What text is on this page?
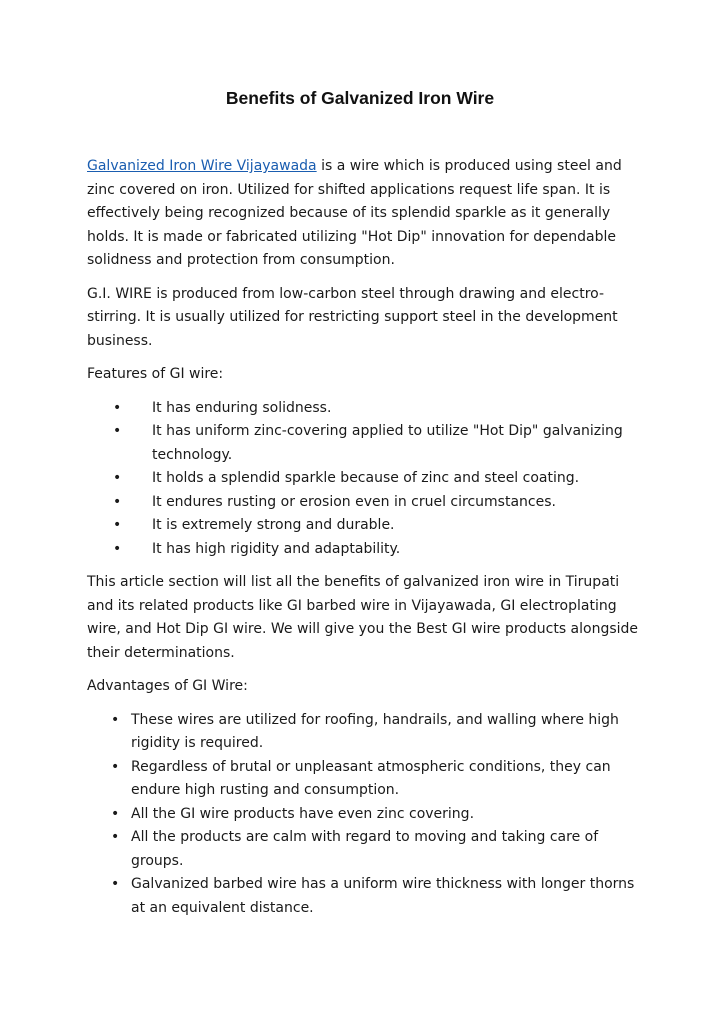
Benefits of Galvanized Iron Wire

Galvanized Iron Wire Vijayawada is a wire which is produced using steel and zinc covered on iron. Utilized for shifted applications request life span. It is effectively being recognized because of its splendid sparkle as it generally holds. It is made or fabricated utilizing "Hot Dip" innovation for dependable solidness and protection from consumption.

G.I. WIRE is produced from low-carbon steel through drawing and electro-stirring. It is usually utilized for restricting support steel in the development business.

Features of GI wire:

• It has enduring solidness.
• It has uniform zinc-covering applied to utilize "Hot Dip" galvanizing technology.
• It holds a splendid sparkle because of zinc and steel coating.
• It endures rusting or erosion even in cruel circumstances.
• It is extremely strong and durable.
• It has high rigidity and adaptability.

This article section will list all the benefits of galvanized iron wire in Tirupati and its related products like GI barbed wire in Vijayawada, GI electroplating wire, and Hot Dip GI wire. We will give you the Best GI wire products alongside their determinations.

Advantages of GI Wire:

• These wires are utilized for roofing, handrails, and walling where high rigidity is required.
• Regardless of brutal or unpleasant atmospheric conditions, they can endure high rusting and consumption.
• All the GI wire products have even zinc covering.
• All the products are calm with regard to moving and taking care of groups.
• Galvanized barbed wire has a uniform wire thickness with longer thorns at an equivalent distance.
